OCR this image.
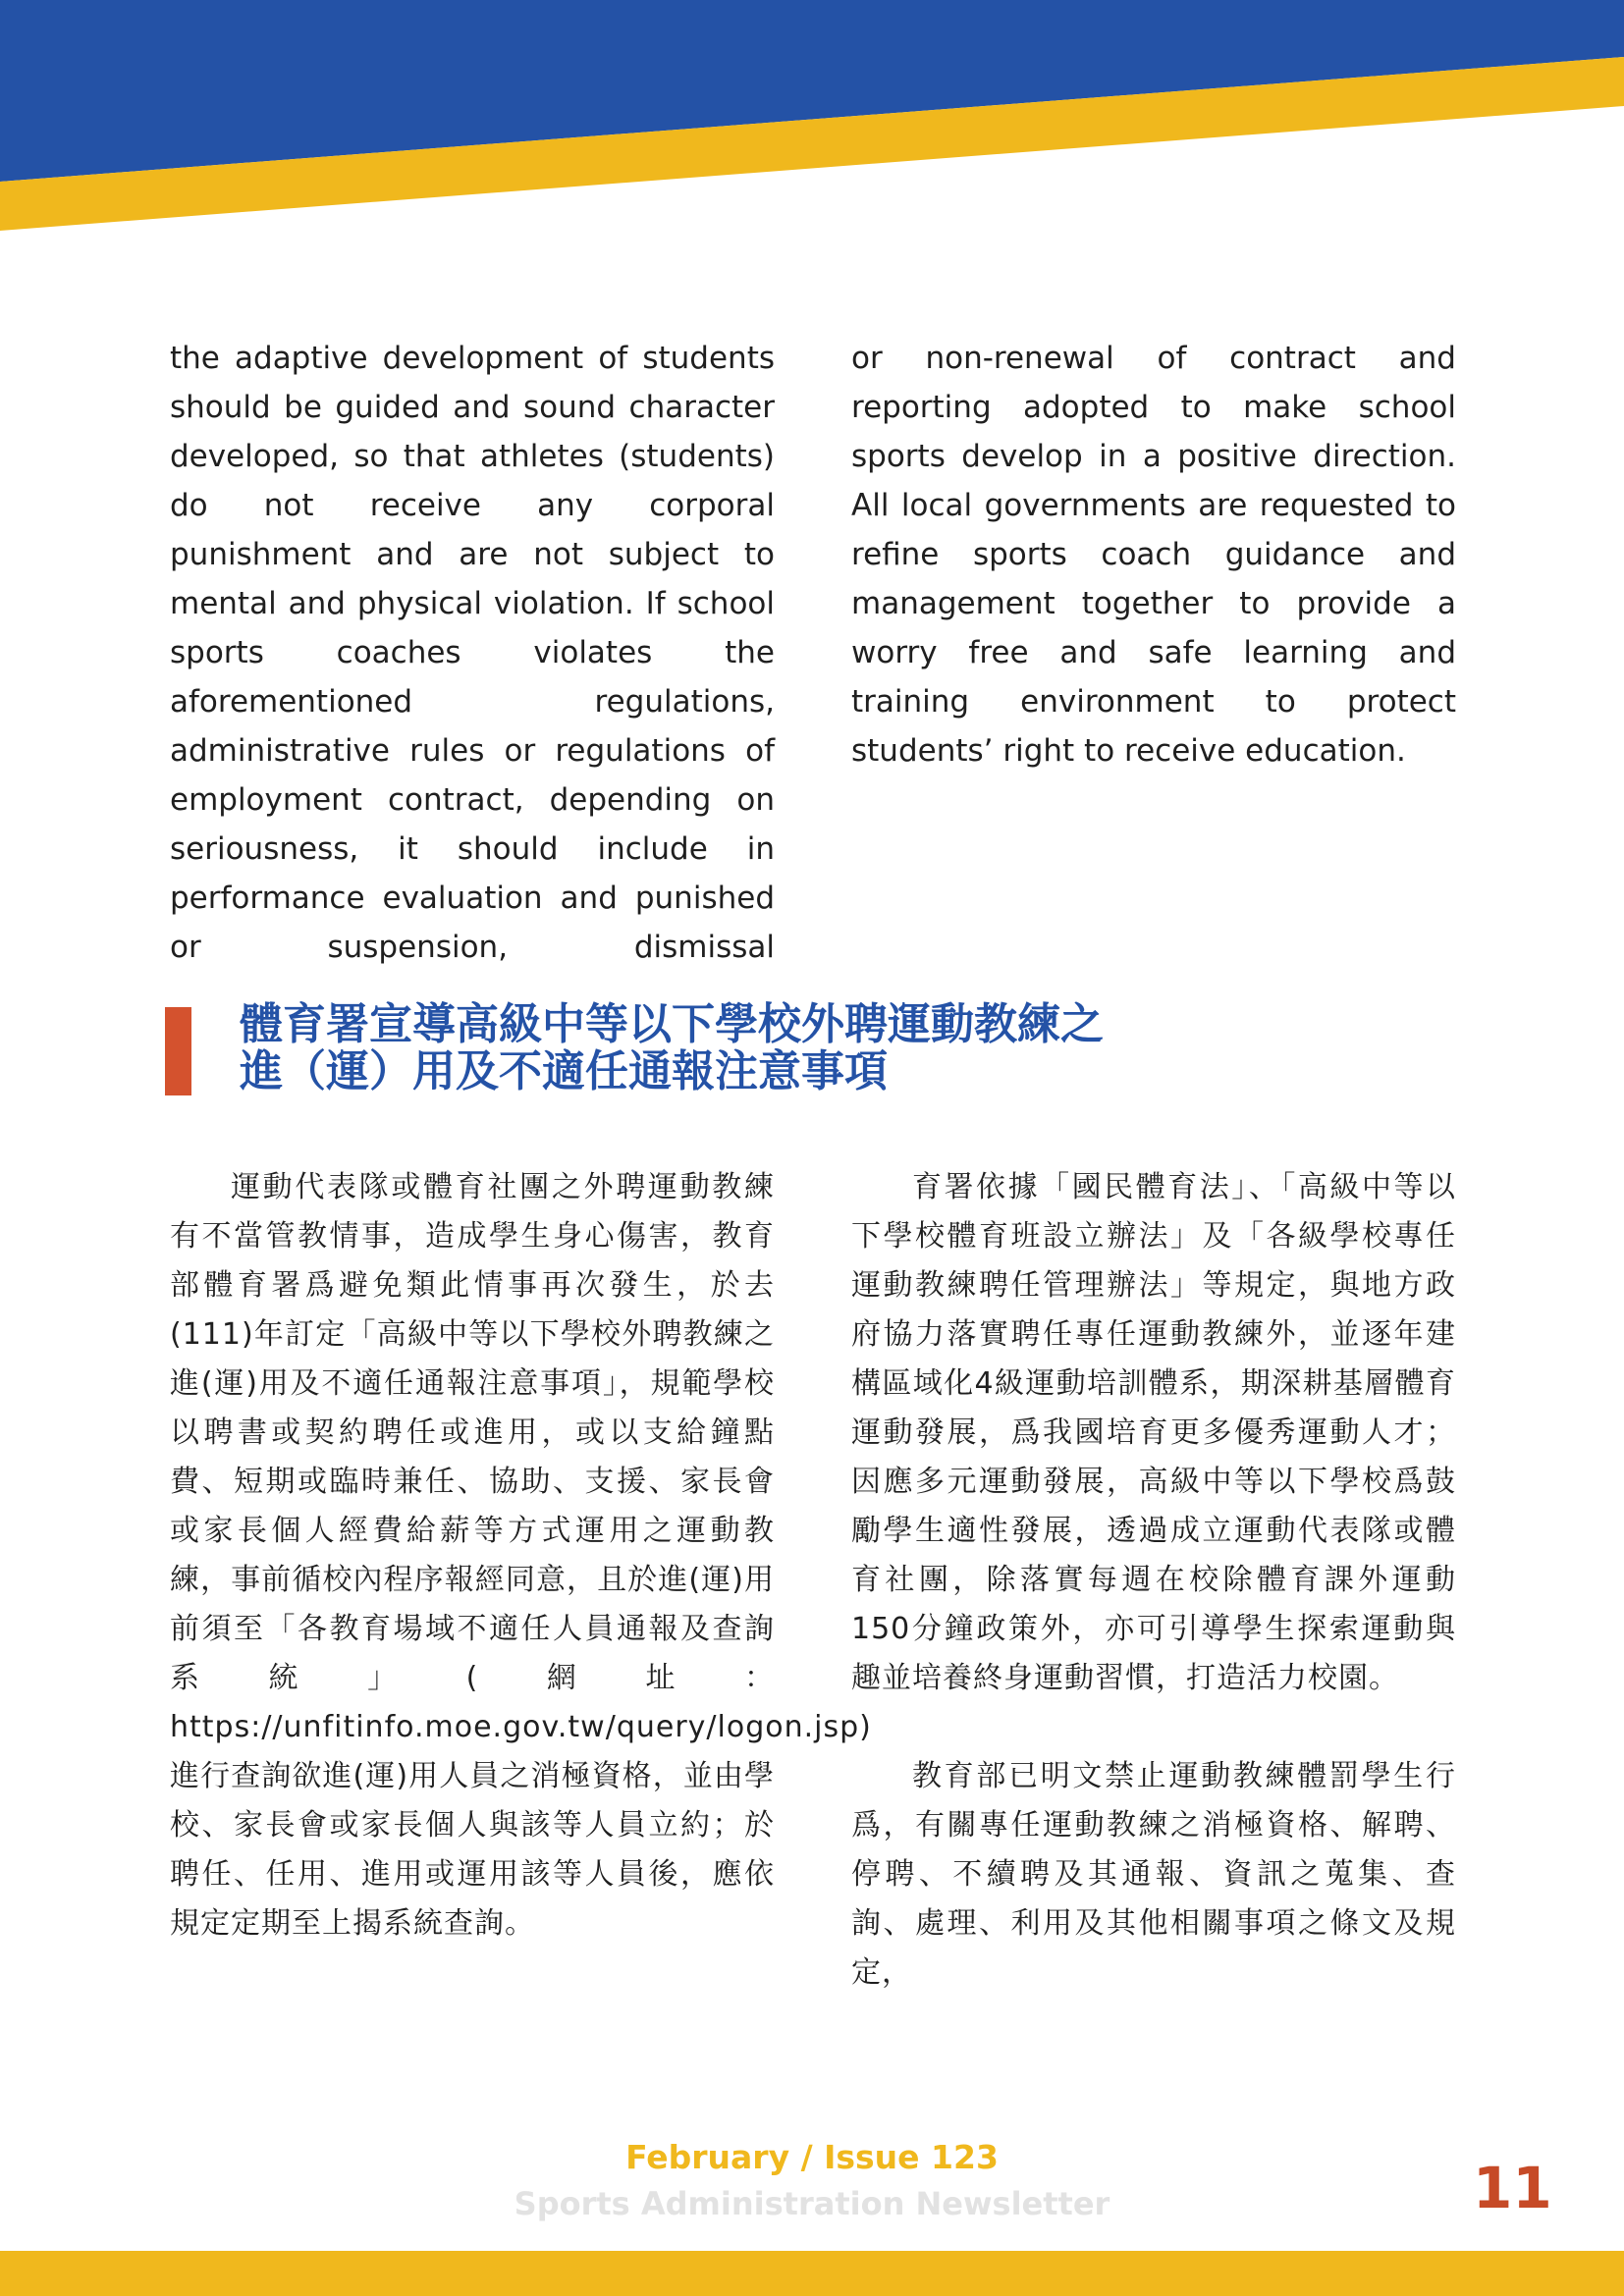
the adaptive development of students should be guided and sound character developed, so that athletes (students) do not receive any corporal punishment and are not subject to mental and physical violation. If school sports coaches violates the aforementioned regulations, administrative rules or regulations of employment contract, depending on seriousness, it should include in performance evaluation and punished or suspension, dismissal

or non-renewal of contract and reporting adopted to make school sports develop in a positive direction. All local governments are requested to refine sports coach guidance and management together to provide a worry free and safe learning and training environment to protect students’ right to receive education.

體育署宣導高級中等以下學校外聘運動教練之
進（運）用及不適任通報注意事項

運動代表隊或體育社團之外聘運動教練有不當管教情事，造成學生身心傷害，教育部體育署爲避免類此情事再次發生，於去(111)年訂定「高級中等以下學校外聘教練之進(運)用及不適任通報注意事項」，規範學校以聘書或契約聘任或進用，或以支給鐘點費、短期或臨時兼任、協助、支援、家長會或家長個人經費給薪等方式運用之運動教練，事前循校內程序報經同意，且於進(運)用前須至「各教育場域不適任人員通報及查詢系統」(網址：https://unfitinfo.moe.gov.tw/query/logon.jsp)進行查詢欲進(運)用人員之消極資格，並由學校、家長會或家長個人與該等人員立約；於聘任、任用、進用或運用該等人員後，應依規定定期至上揭系統查詢。

育署依據「國民體育法」、「高級中等以下學校體育班設立辦法」及「各級學校專任運動教練聘任管理辦法」等規定，與地方政府協力落實聘任專任運動教練外，並逐年建構區域化4級運動培訓體系，期深耕基層體育運動發展，爲我國培育更多優秀運動人才；因應多元運動發展，高級中等以下學校爲鼓勵學生適性發展，透過成立運動代表隊或體育社團，除落實每週在校除體育課外運動150分鐘政策外，亦可引導學生探索運動與趣並培養終身運動習慣，打造活力校園。

教育部已明文禁止運動教練體罰學生行爲，有關專任運動教練之消極資格、解聘、停聘、不續聘及其通報、資訊之蒐集、查詢、處理、利用及其他相關事項之條文及規定，

February / Issue 123
Sports Administration Newsletter	11
